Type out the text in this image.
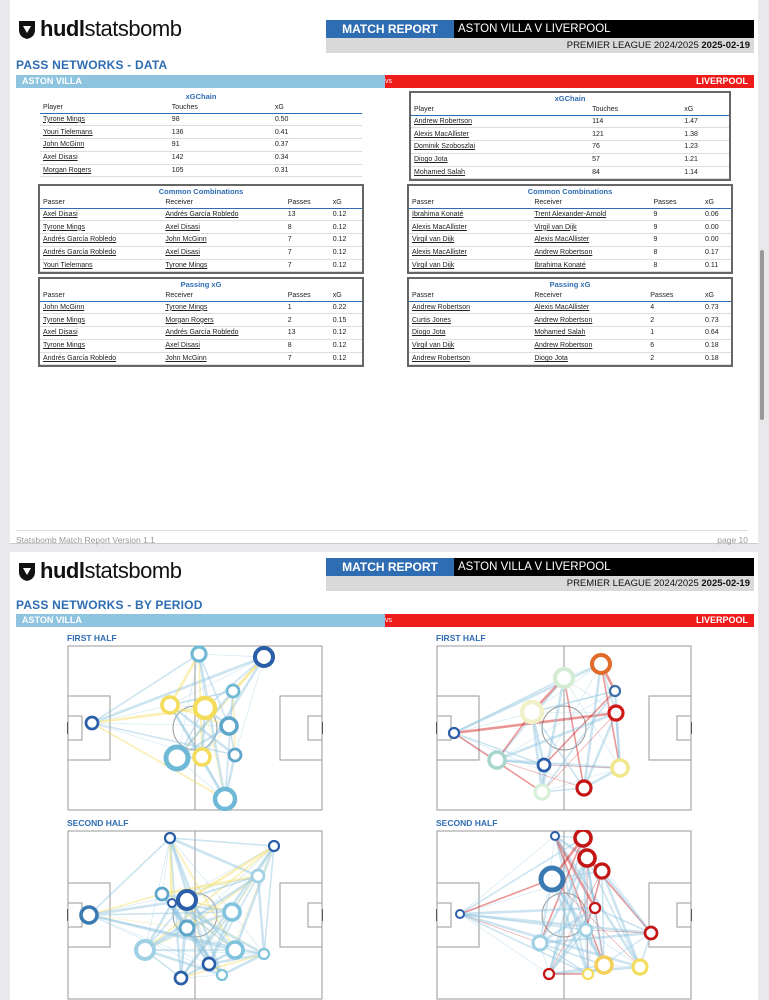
hudl statsbomb	MATCH REPORT	ASTON VILLA V LIVERPOOL
PREMIER LEAGUE 2024/2025 2025-02-19
PASS NETWORKS - DATA
ASTON VILLA	vs	LIVERPOOL
xGChain
Player	Touches	xG
Tyrone Mings	98	0.50
Youri Tielemans	136	0.41
John McGinn	91	0.37
Axel Disasi	142	0.34
Morgan Rogers	105	0.31
Common Combinations
Passer	Receiver	Passes	xG
Axel Disasi	Andrés García Robledo	13	0.12
Tyrone Mings	Axel Disasi	8	0.12
Andrés García Robledo	John McGinn	7	0.12
Andrés García Robledo	Axel Disasi	7	0.12
Youri Tielemans	Tyrone Mings	7	0.12
Passing xG
Passer	Receiver	Passes	xG
John McGinn	Tyrone Mings	1	0.22
Tyrone Mings	Morgan Rogers	2	0.15
Axel Disasi	Andrés García Robledo	13	0.12
Tyrone Mings	Axel Disasi	8	0.12
Andrés García Robledo	John McGinn	7	0.12
xGChain
Player	Touches	xG
Andrew Robertson	114	1.47
Alexis MacAllister	121	1.38
Dominik Szoboszlai	76	1.23
Diogo Jota	57	1.21
Mohamed Salah	84	1.14
Common Combinations
Passer	Receiver	Passes	xG
Ibrahima Konaté	Trent Alexander-Arnold	9	0.06
Alexis MacAllister	Virgil van Dijk	9	0.00
Virgil van Dijk	Alexis MacAllister	9	0.00
Alexis MacAllister	Andrew Robertson	8	0.17
Virgil van Dijk	Ibrahima Konaté	8	0.11
Passing xG
Passer	Receiver	Passes	xG
Andrew Robertson	Alexis MacAllister	4	0.73
Curtis Jones	Andrew Robertson	2	0.73
Diogo Jota	Mohamed Salah	1	0.64
Virgil van Dijk	Andrew Robertson	6	0.18
Andrew Robertson	Diogo Jota	2	0.18
Statsbomb Match Report Version 1.1	page 10
hudl statsbomb	MATCH REPORT	ASTON VILLA V LIVERPOOL
PREMIER LEAGUE 2024/2025 2025-02-19
PASS NETWORKS - BY PERIOD
ASTON VILLA	vs	LIVERPOOL
FIRST HALF	FIRST HALF
SECOND HALF	SECOND HALF
